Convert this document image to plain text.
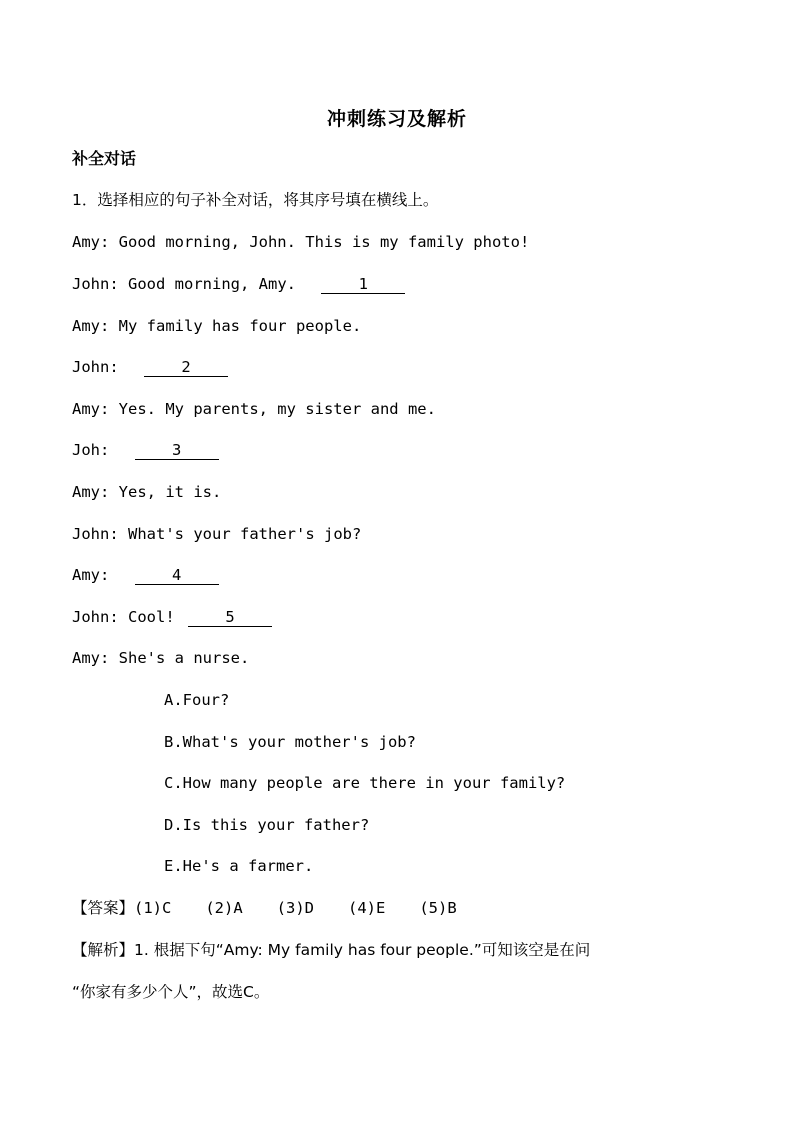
冲刺练习及解析
补全对话
1．选择相应的句子补全对话，将其序号填在横线上。
Amy: Good morning, John. This is my family photo!
John: Good morning, Amy.	1
Amy: My family has four people.
John:	2
Amy: Yes. My parents, my sister and me.
Joh:	3
Amy: Yes, it is.
John: What's your father's job?
Amy:	4
John: Cool!	5
Amy: She's a nurse.
A.Four?
B.What's your mother's job?
C.How many people are there in your family?
D.Is this your father?
E.He's a farmer.
【答案】(1)C (2)A (3)D (4)E (5)B
【解析】1. 根据下句“Amy: My family has four people.”可知该空是在问
“你家有多少个人”，故选C。
